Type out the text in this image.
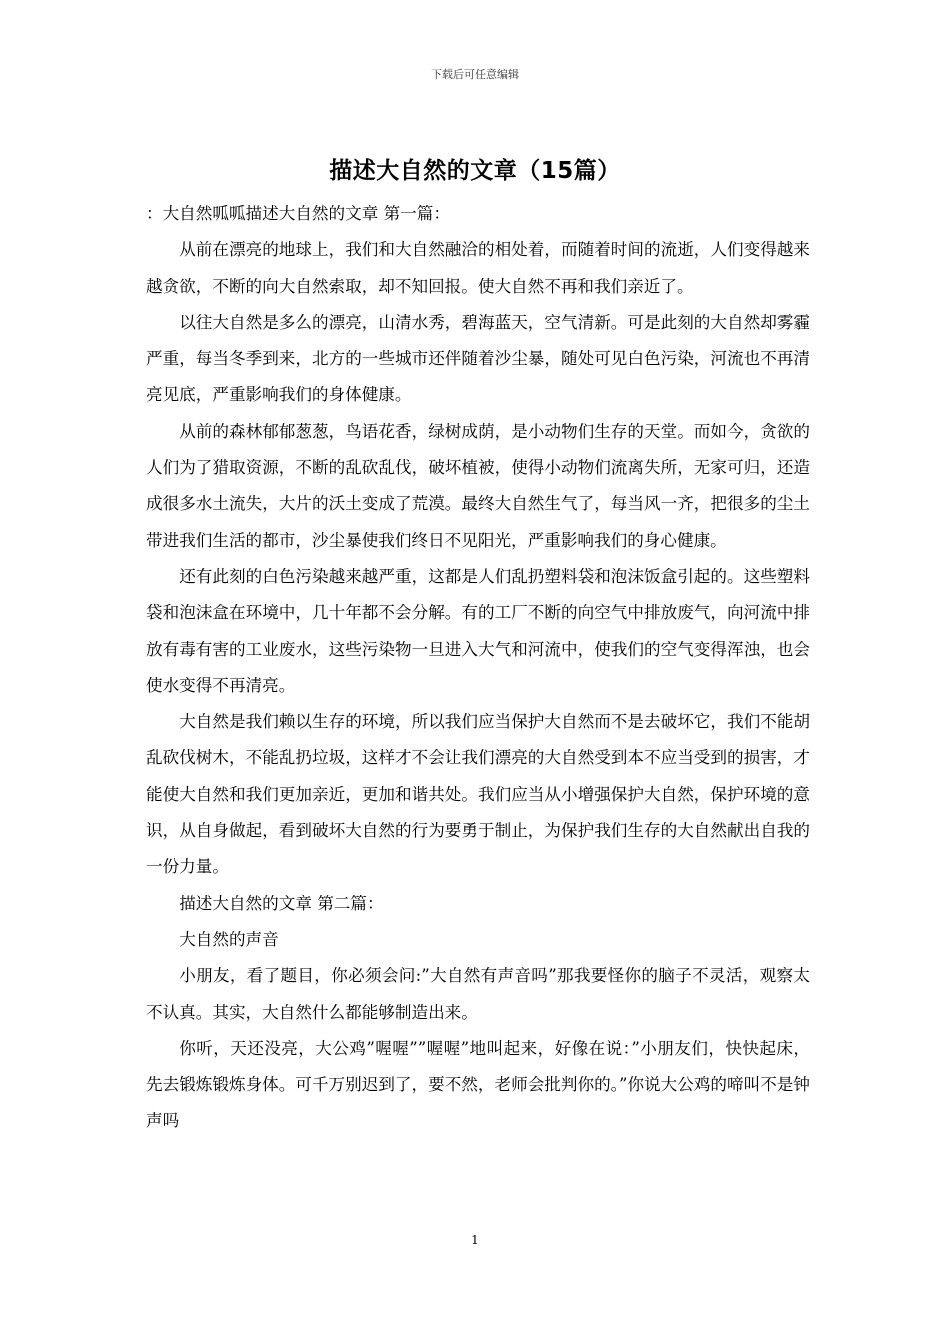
下载后可任意编辑
描述大自然的文章（15篇）

：大自然呱呱描述大自然的文章 第一篇：

从前在漂亮的地球上，我们和大自然融洽的相处着，而随着时间的流逝，人们变得越来越贪欲，不断的向大自然索取，却不知回报。使大自然不再和我们亲近了。

以往大自然是多么的漂亮，山清水秀，碧海蓝天，空气清新。可是此刻的大自然却雾霾严重，每当冬季到来，北方的一些城市还伴随着沙尘暴，随处可见白色污染，河流也不再清亮见底，严重影响我们的身体健康。

从前的森林郁郁葱葱，鸟语花香，绿树成荫，是小动物们生存的天堂。而如今，贪欲的人们为了猎取资源，不断的乱砍乱伐，破坏植被，使得小动物们流离失所，无家可归，还造成很多水土流失，大片的沃土变成了荒漠。最终大自然生气了，每当风一齐，把很多的尘土带进我们生活的都市，沙尘暴使我们终日不见阳光，严重影响我们的身心健康。

还有此刻的白色污染越来越严重，这都是人们乱扔塑料袋和泡沫饭盒引起的。这些塑料袋和泡沫盒在环境中，几十年都不会分解。有的工厂不断的向空气中排放废气，向河流中排放有毒有害的工业废水，这些污染物一旦进入大气和河流中，使我们的空气变得浑浊，也会使水变得不再清亮。

大自然是我们赖以生存的环境，所以我们应当保护大自然而不是去破坏它，我们不能胡乱砍伐树木，不能乱扔垃圾，这样才不会让我们漂亮的大自然受到本不应当受到的损害，才能使大自然和我们更加亲近，更加和谐共处。我们应当从小增强保护大自然，保护环境的意识，从自身做起，看到破坏大自然的行为要勇于制止，为保护我们生存的大自然献出自我的一份力量。

描述大自然的文章 第二篇：

大自然的声音

小朋友，看了题目，你必须会问:”大自然有声音吗”那我要怪你的脑子不灵活，观察太不认真。其实，大自然什么都能够制造出来。

你听，天还没亮，大公鸡”喔喔””喔喔”地叫起来，好像在说：”小朋友们，快快起床，先去锻炼锻炼身体。可千万别迟到了，要不然，老师会批判你的。”你说大公鸡的啼叫不是钟声吗

1
